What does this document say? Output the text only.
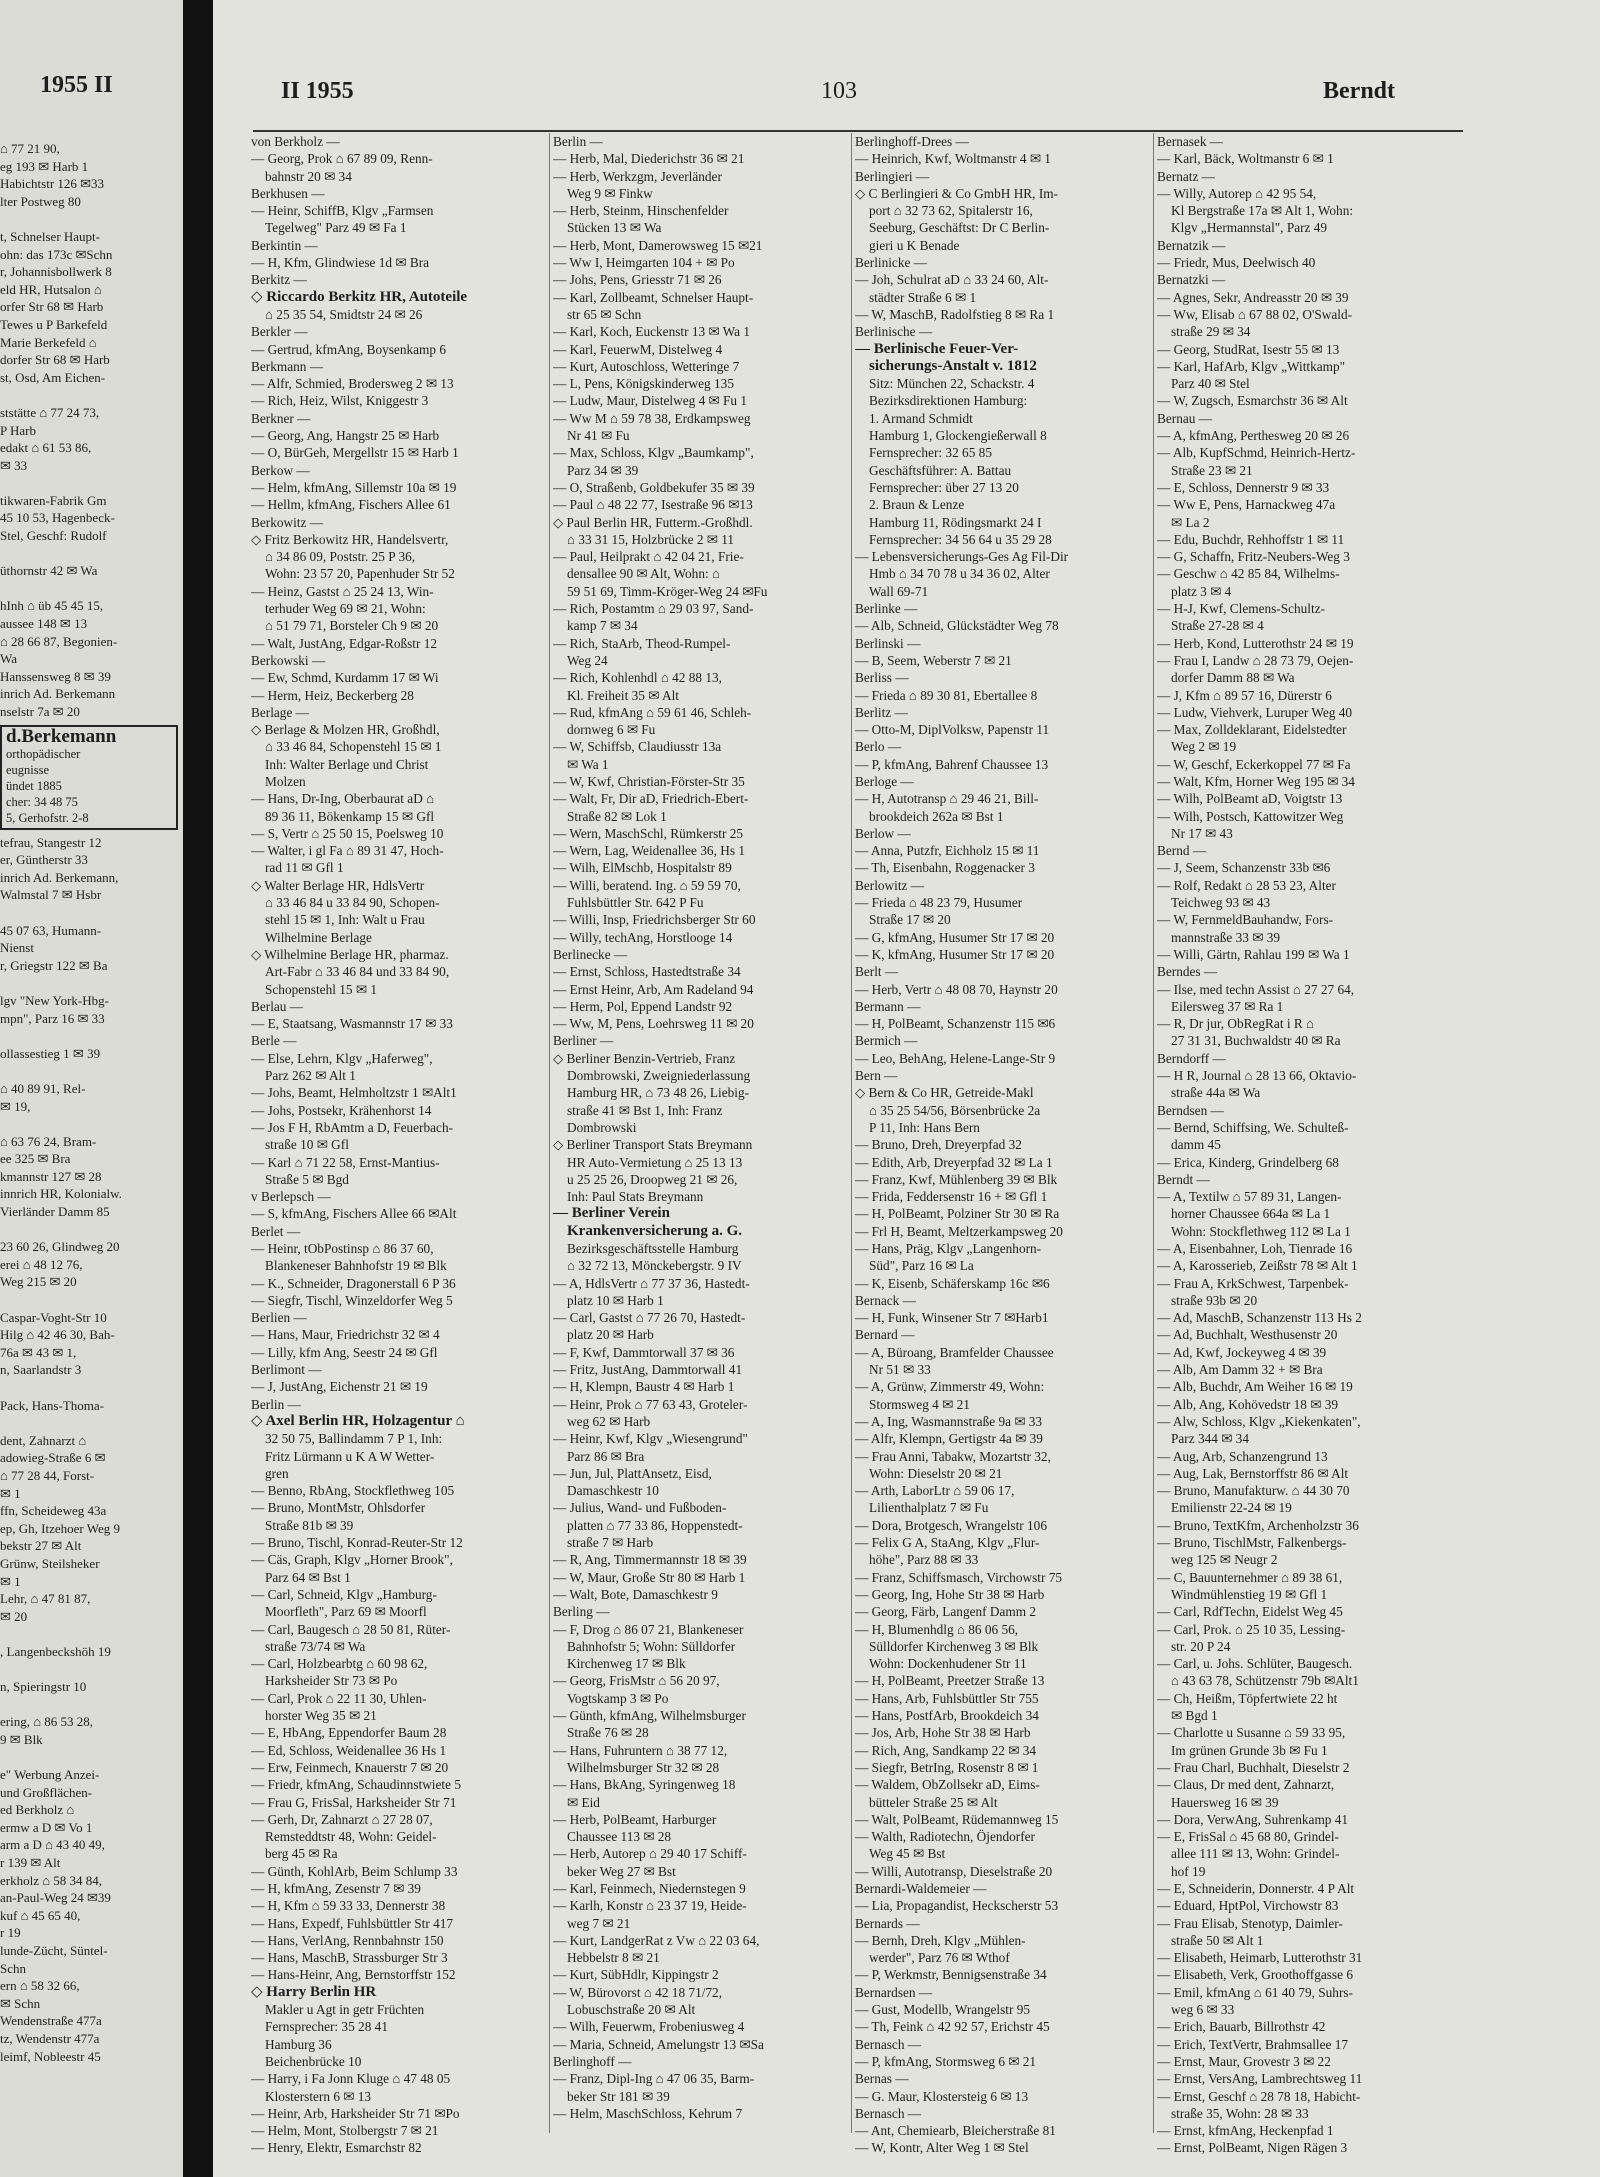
1955 II
⌂ 77 21 90,
eg 193 ✉ Harb 1
Habichtstr 126 ✉33
lter Postweg 80

t, Schnelser Haupt-
ohn: das 173c ✉Schn
r, Johannisbollwerk 8
eld HR, Hutsalon ⌂
orfer Str 68 ✉ Harb
Tewes u P Barkefeld
Marie Berkefeld ⌂
dorfer Str 68 ✉ Harb
st, Osd, Am Eichen-

ststätte ⌂ 77 24 73,
P Harb
edakt ⌂ 61 53 86,
✉ 33

tikwaren-Fabrik Gm
45 10 53, Hagenbeck-
Stel, Geschf: Rudolf

üthornstr 42 ✉ Wa

hInh ⌂ üb 45 45 15,
aussee 148 ✉ 13
⌂ 28 66 87, Begonien-
Wa
Hanssensweg 8 ✉ 39
inrich Ad. Berkemann
nselstr 7a ✉ 20
d.Berkemann
orthopädischer
eugnisse
ündet 1885
cher: 34 48 75
5, Gerhofstr. 2-8
tefrau, Stangestr 12
er, Güntherstr 33
inrich Ad. Berkemann,
Walmstal 7 ✉ Hsbr

45 07 63, Humann-
Nienst
r, Griegstr 122 ✉ Ba

lgv "New York-Hbg-
mpn", Parz 16 ✉ 33

ollassestieg 1 ✉ 39

⌂ 40 89 91, Rel-
✉ 19,

⌂ 63 76 24, Bram-
ee 325 ✉ Bra
kmannstr 127 ✉ 28
innrich HR, Kolonialw.
Vierländer Damm 85

23 60 26, Glindweg 20
erei ⌂ 48 12 76,
Weg 215 ✉ 20

Caspar-Voght-Str 10
Hilg ⌂ 42 46 30, Bah-
76a ✉ 43 ✉ 1,
n, Saarlandstr 3

Pack, Hans-Thoma-

dent, Zahnarzt ⌂
adowieg-Straße 6 ✉
⌂ 77 28 44, Forst-
✉ 1
ffn, Scheideweg 43a
ep, Gh, Itzehoer Weg 9
bekstr 27 ✉ Alt
Grünw, Steilsheker
✉ 1
Lehr, ⌂ 47 81 87,
✉ 20

, Langenbeckshöh 19

n, Spieringstr 10

ering, ⌂ 86 53 28,
9 ✉ Blk

e" Werbung Anzei-
und Großflächen-
ed Berkholz ⌂
ermw a D ✉ Vo 1
arm a D ⌂ 43 40 49,
r 139 ✉ Alt
erkholz ⌂ 58 34 84,
an-Paul-Weg 24 ✉39
kuf ⌂ 45 65 40,
r 19
lunde-Zücht, Süntel-
Schn
ern ⌂ 58 32 66,
✉ Schn
Wendenstraße 477a
tz, Wendenstr 477a
leimf, Nobleestr 45
II 1955	103	Berndt
von Berkholz —
— Georg, Prok ⌂ 67 89 09, Renn-
bahnstr 20 ✉ 34
Berkhusen —
— Heinr, SchiffB, Klgv „Farmsen
Tegelweg" Parz 49 ✉ Fa 1
Berkintin —
— H, Kfm, Glindwiese 1d ✉ Bra
Berkitz —
◇ Riccardo Berkitz HR, Autoteile
⌂ 25 35 54, Smidtstr 24 ✉ 26
Berkler —
— Gertrud, kfmAng, Boysenkamp 6
Berkmann —
— Alfr, Schmied, Brodersweg 2 ✉ 13
— Rich, Heiz, Wilst, Kniggestr 3
Berkner —
— Georg, Ang, Hangstr 25 ✉ Harb
— O, BürGeh, Mergellstr 15 ✉ Harb 1
Berkow —
— Helm, kfmAng, Sillemstr 10a ✉ 19
— Hellm, kfmAng, Fischers Allee 61
Berkowitz —
◇ Fritz Berkowitz HR, Handelsvertr,
⌂ 34 86 09, Poststr. 25 P 36,
Wohn: 23 57 20, Papenhuder Str 52
— Heinz, Gastst ⌂ 25 24 13, Win-
terhuder Weg 69 ✉ 21, Wohn:
⌂ 51 79 71, Borsteler Ch 9 ✉ 20
— Walt, JustAng, Edgar-Roßstr 12
Berkowski —
— Ew, Schmd, Kurdamm 17 ✉ Wi
— Herm, Heiz, Beckerberg 28
Berlage —
◇ Berlage & Molzen HR, Großhdl,
⌂ 33 46 84, Schopenstehl 15 ✉ 1
Inh: Walter Berlage und Christ
Molzen
— Hans, Dr-Ing, Oberbaurat aD ⌂
89 36 11, Bökenkamp 15 ✉ Gfl
— S, Vertr ⌂ 25 50 15, Poelsweg 10
— Walter, i gl Fa ⌂ 89 31 47, Hoch-
rad 11 ✉ Gfl 1
◇ Walter Berlage HR, HdlsVertr
⌂ 33 46 84 u 33 84 90, Schopen-
stehl 15 ✉ 1, Inh: Walt u Frau
Wilhelmine Berlage
◇ Wilhelmine Berlage HR, pharmaz.
Art-Fabr ⌂ 33 46 84 und 33 84 90,
Schopenstehl 15 ✉ 1
Berlau —
— E, Staatsang, Wasmannstr 17 ✉ 33
Berle —
— Else, Lehrn, Klgv „Haferweg",
Parz 262 ✉ Alt 1
— Johs, Beamt, Helmholtzstr 1 ✉Alt1
— Johs, Postsekr, Krähenhorst 14
— Jos F H, RbAmtm a D, Feuerbach-
straße 10 ✉ Gfl
— Karl ⌂ 71 22 58, Ernst-Mantius-
Straße 5 ✉ Bgd
v Berlepsch —
— S, kfmAng, Fischers Allee 66 ✉Alt
Berlet —
— Heinr, tObPostinsp ⌂ 86 37 60,
Blankeneser Bahnhofstr 19 ✉ Blk
— K., Schneider, Dragonerstall 6 P 36
— Siegfr, Tischl, Winzeldorfer Weg 5
Berlien —
— Hans, Maur, Friedrichstr 32 ✉ 4
— Lilly, kfm Ang, Seestr 24 ✉ Gfl
Berlimont —
— J, JustAng, Eichenstr 21 ✉ 19
Berlin —
◇ Axel Berlin HR, Holzagentur ⌂
32 50 75, Ballindamm 7 P 1, Inh:
Fritz Lürmann u K A W Wetter-
gren
— Benno, RbAng, Stockflethweg 105
— Bruno, MontMstr, Ohlsdorfer
Straße 81b ✉ 39
— Bruno, Tischl, Konrad-Reuter-Str 12
— Cäs, Graph, Klgv „Horner Brook",
Parz 64 ✉ Bst 1
— Carl, Schneid, Klgv „Hamburg-
Moorfleth", Parz 69 ✉ Moorfl
— Carl, Baugesch ⌂ 28 50 81, Rüter-
straße 73/74 ✉ Wa
— Carl, Holzbearbtg ⌂ 60 98 62,
Harksheider Str 73 ✉ Po
— Carl, Prok ⌂ 22 11 30, Uhlen-
horster Weg 35 ✉ 21
— E, HbAng, Eppendorfer Baum 28
— Ed, Schloss, Weidenallee 36 Hs 1
— Erw, Feinmech, Knauerstr 7 ✉ 20
— Friedr, kfmAng, Schaudinnstwiete 5
— Frau G, FrisSal, Harksheider Str 71
— Gerh, Dr, Zahnarzt ⌂ 27 28 07,
Remsteddtstr 48, Wohn: Geidel-
berg 45 ✉ Ra
— Günth, KohlArb, Beim Schlump 33
— H, kfmAng, Zesenstr 7 ✉ 39
— H, Kfm ⌂ 59 33 33, Dennerstr 38
— Hans, Expedf, Fuhlsbüttler Str 417
— Hans, VerlAng, Rennbahnstr 150
— Hans, MaschB, Strassburger Str 3
— Hans-Heinr, Ang, Bernstorffstr 152
◇ Harry Berlin HR
Makler u Agt in getr Früchten
Fernsprecher: 35 28 41
Hamburg 36
Beichenbrücke 10
— Harry, i Fa Jonn Kluge ⌂ 47 48 05
Klosterstern 6 ✉ 13
— Heinr, Arb, Harksheider Str 71 ✉Po
— Helm, Mont, Stolbergstr 7 ✉ 21
— Henry, Elektr, Esmarchstr 82
Berlin —
— Herb, Mal, Diederichstr 36 ✉ 21
— Herb, Werkzgm, Jeverländer
Weg 9 ✉ Finkw
— Herb, Steinm, Hinschenfelder
Stücken 13 ✉ Wa
— Herb, Mont, Damerowsweg 15 ✉21
— Ww I, Heimgarten 104 + ✉ Po
— Johs, Pens, Griesstr 71 ✉ 26
— Karl, Zollbeamt, Schnelser Haupt-
str 65 ✉ Schn
— Karl, Koch, Euckenstr 13 ✉ Wa 1
— Karl, FeuerwM, Distelweg 4
— Kurt, Autoschloss, Wetteringe 7
— L, Pens, Königskinderweg 135
— Ludw, Maur, Distelweg 4 ✉ Fu 1
— Ww M ⌂ 59 78 38, Erdkampsweg
Nr 41 ✉ Fu
— Max, Schloss, Klgv „Baumkamp",
Parz 34 ✉ 39
— O, Straßenb, Goldbekufer 35 ✉ 39
— Paul ⌂ 48 22 77, Isestraße 96 ✉13
◇ Paul Berlin HR, Futterm.-Großhdl.
⌂ 33 31 15, Holzbrücke 2 ✉ 11
— Paul, Heilprakt ⌂ 42 04 21, Frie-
densallee 90 ✉ Alt, Wohn: ⌂
59 51 69, Timm-Kröger-Weg 24 ✉Fu
— Rich, Postamtm ⌂ 29 03 97, Sand-
kamp 7 ✉ 34
— Rich, StaArb, Theod-Rumpel-
Weg 24
— Rich, Kohlenhdl ⌂ 42 88 13,
Kl. Freiheit 35 ✉ Alt
— Rud, kfmAng ⌂ 59 61 46, Schleh-
dornweg 6 ✉ Fu
— W, Schiffsb, Claudiusstr 13a
✉ Wa 1
— W, Kwf, Christian-Förster-Str 35
— Walt, Fr, Dir aD, Friedrich-Ebert-
Straße 82 ✉ Lok 1
— Wern, MaschSchl, Rümkerstr 25
— Wern, Lag, Weidenallee 36, Hs 1
— Wilh, ElMschb, Hospitalstr 89
— Willi, beratend. Ing. ⌂ 59 59 70,
Fuhlsbüttler Str. 642 P Fu
— Willi, Insp, Friedrichsberger Str 60
— Willy, techAng, Horstlooge 14
Berlinecke —
— Ernst, Schloss, Hastedtstraße 34
— Ernst Heinr, Arb, Am Radeland 94
— Herm, Pol, Eppend Landstr 92
— Ww, M, Pens, Loehrsweg 11 ✉ 20
Berliner —
◇ Berliner Benzin-Vertrieb, Franz
Dombrowski, Zweigniederlassung
Hamburg HR, ⌂ 73 48 26, Liebig-
straße 41 ✉ Bst 1, Inh: Franz
Dombrowski
◇ Berliner Transport Stats Breymann
HR Auto-Vermietung ⌂ 25 13 13
u 25 25 26, Droopweg 21 ✉ 26,
Inh: Paul Stats Breymann
— Berliner Verein
Krankenversicherung a. G.
Bezirksgeschäftsstelle Hamburg
⌂ 32 72 13, Mönckebergstr. 9 IV
— A, HdlsVertr ⌂ 77 37 36, Hastedt-
platz 10 ✉ Harb 1
— Carl, Gastst ⌂ 77 26 70, Hastedt-
platz 20 ✉ Harb
— F, Kwf, Dammtorwall 37 ✉ 36
— Fritz, JustAng, Dammtorwall 41
— H, Klempn, Baustr 4 ✉ Harb 1
— Heinr, Prok ⌂ 77 63 43, Groteler-
weg 62 ✉ Harb
— Heinr, Kwf, Klgv „Wiesengrund"
Parz 86 ✉ Bra
— Jun, Jul, PlattAnsetz, Eisd,
Damaschkestr 10
— Julius, Wand- und Fußboden-
platten ⌂ 77 33 86, Hoppenstedt-
straße 7 ✉ Harb
— R, Ang, Timmermannstr 18 ✉ 39
— W, Maur, Große Str 80 ✉ Harb 1
— Walt, Bote, Damaschkestr 9
Berling —
— F, Drog ⌂ 86 07 21, Blankeneser
Bahnhofstr 5; Wohn: Sülldorfer
Kirchenweg 17 ✉ Blk
— Georg, FrisMstr ⌂ 56 20 97,
Vogtskamp 3 ✉ Po
— Günth, kfmAng, Wilhelmsburger
Straße 76 ✉ 28
— Hans, Fuhruntern ⌂ 38 77 12,
Wilhelmsburger Str 32 ✉ 28
— Hans, BkAng, Syringenweg 18
✉ Eid
— Herb, PolBeamt, Harburger
Chaussee 113 ✉ 28
— Herb, Autorep ⌂ 29 40 17 Schiff-
beker Weg 27 ✉ Bst
— Karl, Feinmech, Niedernstegen 9
— Karlh, Konstr ⌂ 23 37 19, Heide-
weg 7 ✉ 21
— Kurt, LandgerRat z Vw ⌂ 22 03 64,
Hebbelstr 8 ✉ 21
— Kurt, SübHdlr, Kippingstr 2
— W, Bürovorst ⌂ 42 18 71/72,
Lobuschstraße 20 ✉ Alt
— Wilh, Feuerwm, Frobeniusweg 4
— Maria, Schneid, Amelungstr 13 ✉Sa
Berlinghoff —
— Franz, Dipl-Ing ⌂ 47 06 35, Barm-
beker Str 181 ✉ 39
— Helm, MaschSchloss, Kehrum 7
Berlinghoff-Drees —
— Heinrich, Kwf, Woltmanstr 4 ✉ 1
Berlingieri —
◇ C Berlingieri & Co GmbH HR, Im-
port ⌂ 32 73 62, Spitalerstr 16,
Seeburg, Geschäftst: Dr C Berlin-
gieri u K Benade
Berlinicke —
— Joh, Schulrat aD ⌂ 33 24 60, Alt-
städter Straße 6 ✉ 1
— W, MaschB, Radolfstieg 8 ✉ Ra 1
Berlinische —
— Berlinische Feuer-Ver-
sicherungs-Anstalt v. 1812
Sitz: München 22, Schackstr. 4
Bezirksdirektionen Hamburg:
1. Armand Schmidt
Hamburg 1, Glockengießerwall 8
Fernsprecher: 32 65 85
Geschäftsführer: A. Battau
Fernsprecher: über 27 13 20
2. Braun & Lenze
Hamburg 11, Rödingsmarkt 24 I
Fernsprecher: 34 56 64 u 35 29 28
— Lebensversicherungs-Ges Ag Fil-Dir
Hmb ⌂ 34 70 78 u 34 36 02, Alter
Wall 69-71
Berlinke —
— Alb, Schneid, Glückstädter Weg 78
Berlinski —
— B, Seem, Weberstr 7 ✉ 21
Berliss —
— Frieda ⌂ 89 30 81, Ebertallee 8
Berlitz —
— Otto-M, DiplVolksw, Papenstr 11
Berlo —
— P, kfmAng, Bahrenf Chaussee 13
Berloge —
— H, Autotransp ⌂ 29 46 21, Bill-
brookdeich 262a ✉ Bst 1
Berlow —
— Anna, Putzfr, Eichholz 15 ✉ 11
— Th, Eisenbahn, Roggenacker 3
Berlowitz —
— Frieda ⌂ 48 23 79, Husumer
Straße 17 ✉ 20
— G, kfmAng, Husumer Str 17 ✉ 20
— K, kfmAng, Husumer Str 17 ✉ 20
Berlt —
— Herb, Vertr ⌂ 48 08 70, Haynstr 20
Bermann —
— H, PolBeamt, Schanzenstr 115 ✉6
Bermich —
— Leo, BehAng, Helene-Lange-Str 9
Bern —
◇ Bern & Co HR, Getreide-Makl
⌂ 35 25 54/56, Börsenbrücke 2a
P 11, Inh: Hans Bern
— Bruno, Dreh, Dreyerpfad 32
— Edith, Arb, Dreyerpfad 32 ✉ La 1
— Franz, Kwf, Mühlenberg 39 ✉ Blk
— Frida, Feddersenstr 16 + ✉ Gfl 1
— H, PolBeamt, Polziner Str 30 ✉ Ra
— Frl H, Beamt, Meltzerkampsweg 20
— Hans, Präg, Klgv „Langenhorn-
Süd", Parz 16 ✉ La
— K, Eisenb, Schäferskamp 16c ✉6
Bernack —
— H, Funk, Winsener Str 7 ✉Harb1
Bernard —
— A, Büroang, Bramfelder Chaussee
Nr 51 ✉ 33
— A, Grünw, Zimmerstr 49, Wohn:
Stormsweg 4 ✉ 21
— A, Ing, Wasmannstraße 9a ✉ 33
— Alfr, Klempn, Gertigstr 4a ✉ 39
— Frau Anni, Tabakw, Mozartstr 32,
Wohn: Dieselstr 20 ✉ 21
— Arth, LaborLtr ⌂ 59 06 17,
Lilienthalplatz 7 ✉ Fu
— Dora, Brotgesch, Wrangelstr 106
— Felix G A, StaAng, Klgv „Flur-
höhe", Parz 88 ✉ 33
— Franz, Schiffsmasch, Virchowstr 75
— Georg, Ing, Hohe Str 38 ✉ Harb
— Georg, Färb, Langenf Damm 2
— H, Blumenhdlg ⌂ 86 06 56,
Sülldorfer Kirchenweg 3 ✉ Blk
Wohn: Dockenhudener Str 11
— H, PolBeamt, Preetzer Straße 13
— Hans, Arb, Fuhlsbüttler Str 755
— Hans, PostfArb, Brookdeich 34
— Jos, Arb, Hohe Str 38 ✉ Harb
— Rich, Ang, Sandkamp 22 ✉ 34
— Siegfr, BetrIng, Rosenstr 8 ✉ 1
— Waldem, ObZollsekr aD, Eims-
bütteler Straße 25 ✉ Alt
— Walt, PolBeamt, Rüdemannweg 15
— Walth, Radiotechn, Öjendorfer
Weg 45 ✉ Bst
— Willi, Autotransp, Dieselstraße 20
Bernardi-Waldemeier —
— Lia, Propagandist, Heckscherstr 53
Bernards —
— Bernh, Dreh, Klgv „Mühlen-
werder", Parz 76 ✉ Wthof
— P, Werkmstr, Bennigsenstraße 34
Bernardsen —
— Gust, Modellb, Wrangelstr 95
— Th, Feink ⌂ 42 92 57, Erichstr 45
Bernasch —
— P, kfmAng, Stormsweg 6 ✉ 21
Bernas —
— G. Maur, Klostersteig 6 ✉ 13
Bernasch —
— Ant, Chemiearb, Bleicherstraße 81
— W, Kontr, Alter Weg 1 ✉ Stel
Bernasek —
— Karl, Bäck, Woltmanstr 6 ✉ 1
Bernatz —
— Willy, Autorep ⌂ 42 95 54,
Kl Bergstraße 17a ✉ Alt 1, Wohn:
Klgv „Hermannstal", Parz 49
Bernatzik —
— Friedr, Mus, Deelwisch 40
Bernatzki —
— Agnes, Sekr, Andreasstr 20 ✉ 39
— Ww, Elisab ⌂ 67 88 02, O'Swald-
straße 29 ✉ 34
— Georg, StudRat, Isestr 55 ✉ 13
— Karl, HafArb, Klgv „Wittkamp"
Parz 40 ✉ Stel
— W, Zugsch, Esmarchstr 36 ✉ Alt
Bernau —
— A, kfmAng, Perthesweg 20 ✉ 26
— Alb, KupfSchmd, Heinrich-Hertz-
Straße 23 ✉ 21
— E, Schloss, Dennerstr 9 ✉ 33
— Ww E, Pens, Harnackweg 47a
✉ La 2
— Edu, Buchdr, Rehhoffstr 1 ✉ 11
— G, Schaffn, Fritz-Neubers-Weg 3
— Geschw ⌂ 42 85 84, Wilhelms-
platz 3 ✉ 4
— H-J, Kwf, Clemens-Schultz-
Straße 27-28 ✉ 4
— Herb, Kond, Lutterothstr 24 ✉ 19
— Frau I, Landw ⌂ 28 73 79, Oejen-
dorfer Damm 88 ✉ Wa
— J, Kfm ⌂ 89 57 16, Dürerstr 6
— Ludw, Viehverk, Luruper Weg 40
— Max, Zolldeklarant, Eidelstedter
Weg 2 ✉ 19
— W, Geschf, Eckerkoppel 77 ✉ Fa
— Walt, Kfm, Horner Weg 195 ✉ 34
— Wilh, PolBeamt aD, Voigtstr 13
— Wilh, Postsch, Kattowitzer Weg
Nr 17 ✉ 43
Bernd —
— J, Seem, Schanzenstr 33b ✉6
— Rolf, Redakt ⌂ 28 53 23, Alter
Teichweg 93 ✉ 43
— W, FernmeldBauhandw, Fors-
mannstraße 33 ✉ 39
— Willi, Gärtn, Rahlau 199 ✉ Wa 1
Berndes —
— Ilse, med techn Assist ⌂ 27 27 64,
Eilersweg 37 ✉ Ra 1
— R, Dr jur, ObRegRat i R ⌂
27 31 31, Buchwaldstr 40 ✉ Ra
Berndorff —
— H R, Journal ⌂ 28 13 66, Oktavio-
straße 44a ✉ Wa
Berndsen —
— Bernd, Schiffsing, We. Schulteß-
damm 45
— Erica, Kinderg, Grindelberg 68
Berndt —
— A, Textilw ⌂ 57 89 31, Langen-
horner Chaussee 664a ✉ La 1
Wohn: Stockflethweg 112 ✉ La 1
— A, Eisenbahner, Loh, Tienrade 16
— A, Karosserieb, Zeißstr 78 ✉ Alt 1
— Frau A, KrkSchwest, Tarpenbek-
straße 93b ✉ 20
— Ad, MaschB, Schanzenstr 113 Hs 2
— Ad, Buchhalt, Westhusenstr 20
— Ad, Kwf, Jockeyweg 4 ✉ 39
— Alb, Am Damm 32 + ✉ Bra
— Alb, Buchdr, Am Weiher 16 ✉ 19
— Alb, Ang, Kohövedstr 18 ✉ 39
— Alw, Schloss, Klgv „Kiekenkaten",
Parz 344 ✉ 34
— Aug, Arb, Schanzengrund 13
— Aug, Lak, Bernstorffstr 86 ✉ Alt
— Bruno, Manufakturw. ⌂ 44 30 70
Emilienstr 22-24 ✉ 19
— Bruno, TextKfm, Archenholzstr 36
— Bruno, TischlMstr, Falkenbergs-
weg 125 ✉ Neugr 2
— C, Bauunternehmer ⌂ 89 38 61,
Windmühlenstieg 19 ✉ Gfl 1
— Carl, RdfTechn, Eidelst Weg 45
— Carl, Prok. ⌂ 25 10 35, Lessing-
str. 20 P 24
— Carl, u. Johs. Schlüter, Baugesch.
⌂ 43 63 78, Schützenstr 79b ✉Alt1
— Ch, Heißm, Töpfertwiete 22 ht
✉ Bgd 1
— Charlotte u Susanne ⌂ 59 33 95,
Im grünen Grunde 3b ✉ Fu 1
— Frau Charl, Buchhalt, Dieselstr 2
— Claus, Dr med dent, Zahnarzt,
Hauersweg 16 ✉ 39
— Dora, VerwAng, Suhrenkamp 41
— E, FrisSal ⌂ 45 68 80, Grindel-
allee 111 ✉ 13, Wohn: Grindel-
hof 19
— E, Schneiderin, Donnerstr. 4 P Alt
— Eduard, HptPol, Virchowstr 83
— Frau Elisab, Stenotyp, Daimler-
straße 50 ✉ Alt 1
— Elisabeth, Heimarb, Lutterothstr 31
— Elisabeth, Verk, Groothoffgasse 6
— Emil, kfmAng ⌂ 61 40 79, Suhrs-
weg 6 ✉ 33
— Erich, Bauarb, Billrothstr 42
— Erich, TextVertr, Brahmsallee 17
— Ernst, Maur, Grovestr 3 ✉ 22
— Ernst, VersAng, Lambrechtsweg 11
— Ernst, Geschf ⌂ 28 78 18, Habicht-
straße 35, Wohn: 28 ✉ 33
— Ernst, kfmAng, Heckenpfad 1
— Ernst, PolBeamt, Nigen Rägen 3
